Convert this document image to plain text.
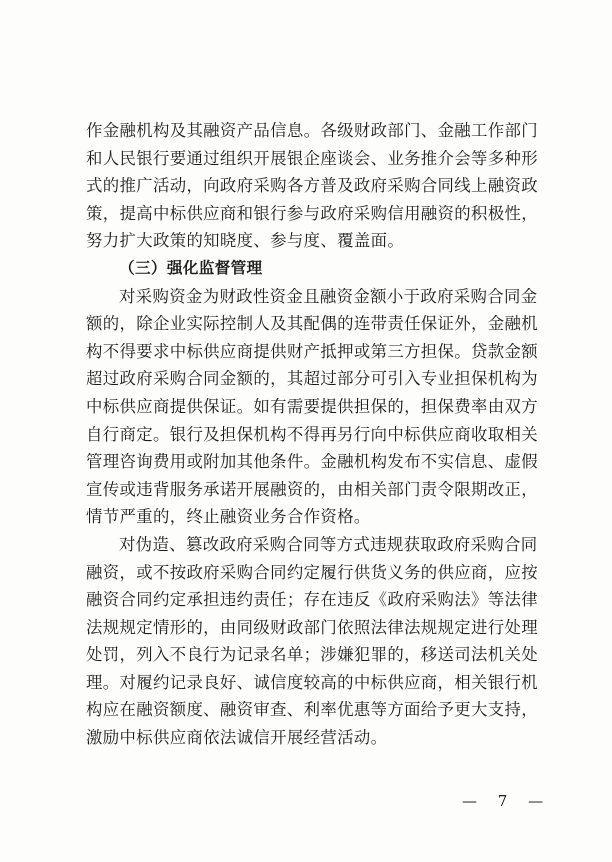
作金融机构及其融资产品信息。各级财政部门、金融工作部门
和人民银行要通过组织开展银企座谈会、业务推介会等多种形
式的推广活动，向政府采购各方普及政府采购合同线上融资政
策，提高中标供应商和银行参与政府采购信用融资的积极性，
努力扩大政策的知晓度、参与度、覆盖面。
（三）强化监督管理
对采购资金为财政性资金且融资金额小于政府采购合同金
额的，除企业实际控制人及其配偶的连带责任保证外，金融机
构不得要求中标供应商提供财产抵押或第三方担保。贷款金额
超过政府采购合同金额的，其超过部分可引入专业担保机构为
中标供应商提供保证。如有需要提供担保的，担保费率由双方
自行商定。银行及担保机构不得再另行向中标供应商收取相关
管理咨询费用或附加其他条件。金融机构发布不实信息、虚假
宣传或违背服务承诺开展融资的，由相关部门责令限期改正，
情节严重的，终止融资业务合作资格。
对伪造、篡改政府采购合同等方式违规获取政府采购合同
融资，或不按政府采购合同约定履行供货义务的供应商，应按
融资合同约定承担违约责任；存在违反《政府采购法》等法律
法规规定情形的，由同级财政部门依照法律法规规定进行处理
处罚，列入不良行为记录名单；涉嫌犯罪的，移送司法机关处
理。对履约记录良好、诚信度较高的中标供应商，相关银行机
构应在融资额度、融资审查、利率优惠等方面给予更大支持，
激励中标供应商依法诚信开展经营活动。
— 7 —
